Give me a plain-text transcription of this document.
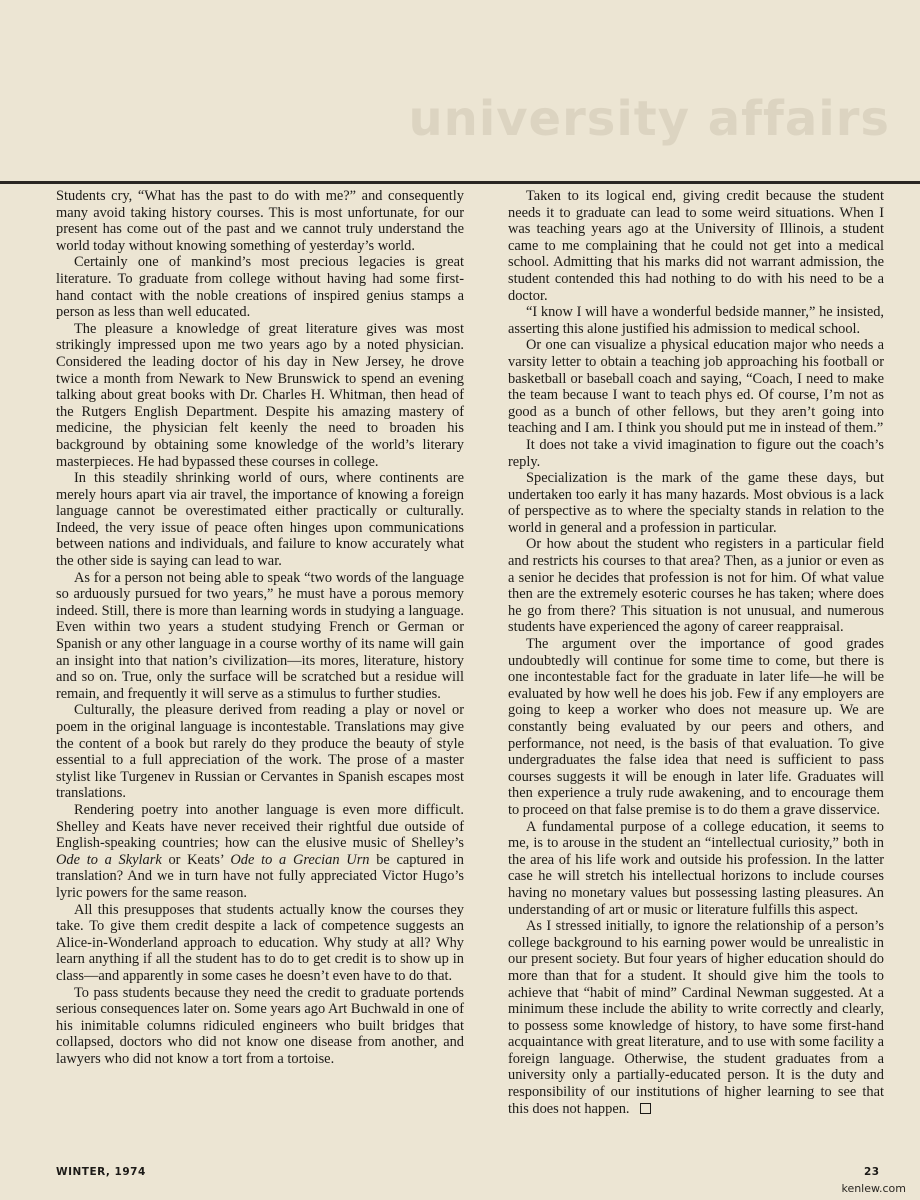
university affairs

Students cry, “What has the past to do with me?” and consequently many avoid taking history courses. This is most unfortunate, for our present has come out of the past and we cannot truly understand the world today without knowing something of yesterday’s world.

Certainly one of mankind’s most precious legacies is great literature. To graduate from college without having had some first-hand contact with the noble creations of inspired genius stamps a person as less than well educated.

The pleasure a knowledge of great literature gives was most strikingly impressed upon me two years ago by a noted physician. Considered the leading doctor of his day in New Jersey, he drove twice a month from Newark to New Brunswick to spend an evening talking about great books with Dr. Charles H. Whitman, then head of the Rutgers English Department. Despite his amazing mastery of medicine, the physician felt keenly the need to broaden his background by obtaining some knowledge of the world’s literary masterpieces. He had bypassed these courses in college.

In this steadily shrinking world of ours, where continents are merely hours apart via air travel, the importance of knowing a foreign language cannot be overestimated either practically or culturally. Indeed, the very issue of peace often hinges upon communications between nations and individuals, and failure to know accurately what the other side is saying can lead to war.

As for a person not being able to speak “two words of the language so arduously pursued for two years,” he must have a porous memory indeed. Still, there is more than learning words in studying a language. Even within two years a student studying French or German or Spanish or any other language in a course worthy of its name will gain an insight into that nation’s civilization—its mores, literature, history and so on. True, only the surface will be scratched but a residue will remain, and frequently it will serve as a stimulus to further studies.

Culturally, the pleasure derived from reading a play or novel or poem in the original language is incontestable. Translations may give the content of a book but rarely do they produce the beauty of style essential to a full appreciation of the work. The prose of a master stylist like Turgenev in Russian or Cervantes in Spanish escapes most translations.

Rendering poetry into another language is even more difficult. Shelley and Keats have never received their rightful due outside of English-speaking countries; how can the elusive music of Shelley’s Ode to a Skylark or Keats’ Ode to a Grecian Urn be captured in translation? And we in turn have not fully appreciated Victor Hugo’s lyric powers for the same reason.

All this presupposes that students actually know the courses they take. To give them credit despite a lack of competence suggests an Alice-in-Wonderland approach to education. Why study at all? Why learn anything if all the student has to do to get credit is to show up in class—and apparently in some cases he doesn’t even have to do that.

To pass students because they need the credit to graduate portends serious consequences later on. Some years ago Art Buchwald in one of his inimitable columns ridiculed engineers who built bridges that collapsed, doctors who did not know one disease from another, and lawyers who did not know a tort from a tortoise.

Taken to its logical end, giving credit because the student needs it to graduate can lead to some weird situations. When I was teaching years ago at the University of Illinois, a student came to me complaining that he could not get into a medical school. Admitting that his marks did not warrant admission, the student contended this had nothing to do with his need to be a doctor.

“I know I will have a wonderful bedside manner,” he insisted, asserting this alone justified his admission to medical school.

Or one can visualize a physical education major who needs a varsity letter to obtain a teaching job approaching his football or basketball or baseball coach and saying, “Coach, I need to make the team because I want to teach phys ed. Of course, I’m not as good as a bunch of other fellows, but they aren’t going into teaching and I am. I think you should put me in instead of them.”

It does not take a vivid imagination to figure out the coach’s reply.

Specialization is the mark of the game these days, but undertaken too early it has many hazards. Most obvious is a lack of perspective as to where the specialty stands in relation to the world in general and a profession in particular.

Or how about the student who registers in a particular field and restricts his courses to that area? Then, as a junior or even as a senior he decides that profession is not for him. Of what value then are the extremely esoteric courses he has taken; where does he go from there? This situation is not unusual, and numerous students have experienced the agony of career reappraisal.

The argument over the importance of good grades undoubtedly will continue for some time to come, but there is one incontestable fact for the graduate in later life—he will be evaluated by how well he does his job. Few if any employers are going to keep a worker who does not measure up. We are constantly being evaluated by our peers and others, and performance, not need, is the basis of that evaluation. To give undergraduates the false idea that need is sufficient to pass courses suggests it will be enough in later life. Graduates will then experience a truly rude awakening, and to encourage them to proceed on that false premise is to do them a grave disservice.

A fundamental purpose of a college education, it seems to me, is to arouse in the student an “intellectual curiosity,” both in the area of his life work and outside his profession. In the latter case he will stretch his intellectual horizons to include courses having no monetary values but possessing lasting pleasures. An understanding of art or music or literature fulfills this aspect.

As I stressed initially, to ignore the relationship of a person’s college background to his earning power would be unrealistic in our present society. But four years of higher education should do more than that for a student. It should give him the tools to achieve that “habit of mind” Cardinal Newman suggested. At a minimum these include the ability to write correctly and clearly, to possess some knowledge of history, to have some first-hand acquaintance with great literature, and to use with some facility a foreign language. Otherwise, the student graduates from a university only a partially-educated person. It is the duty and responsibility of our institutions of higher learning to see that this does not happen.

WINTER, 1974	23
kenlew.com
